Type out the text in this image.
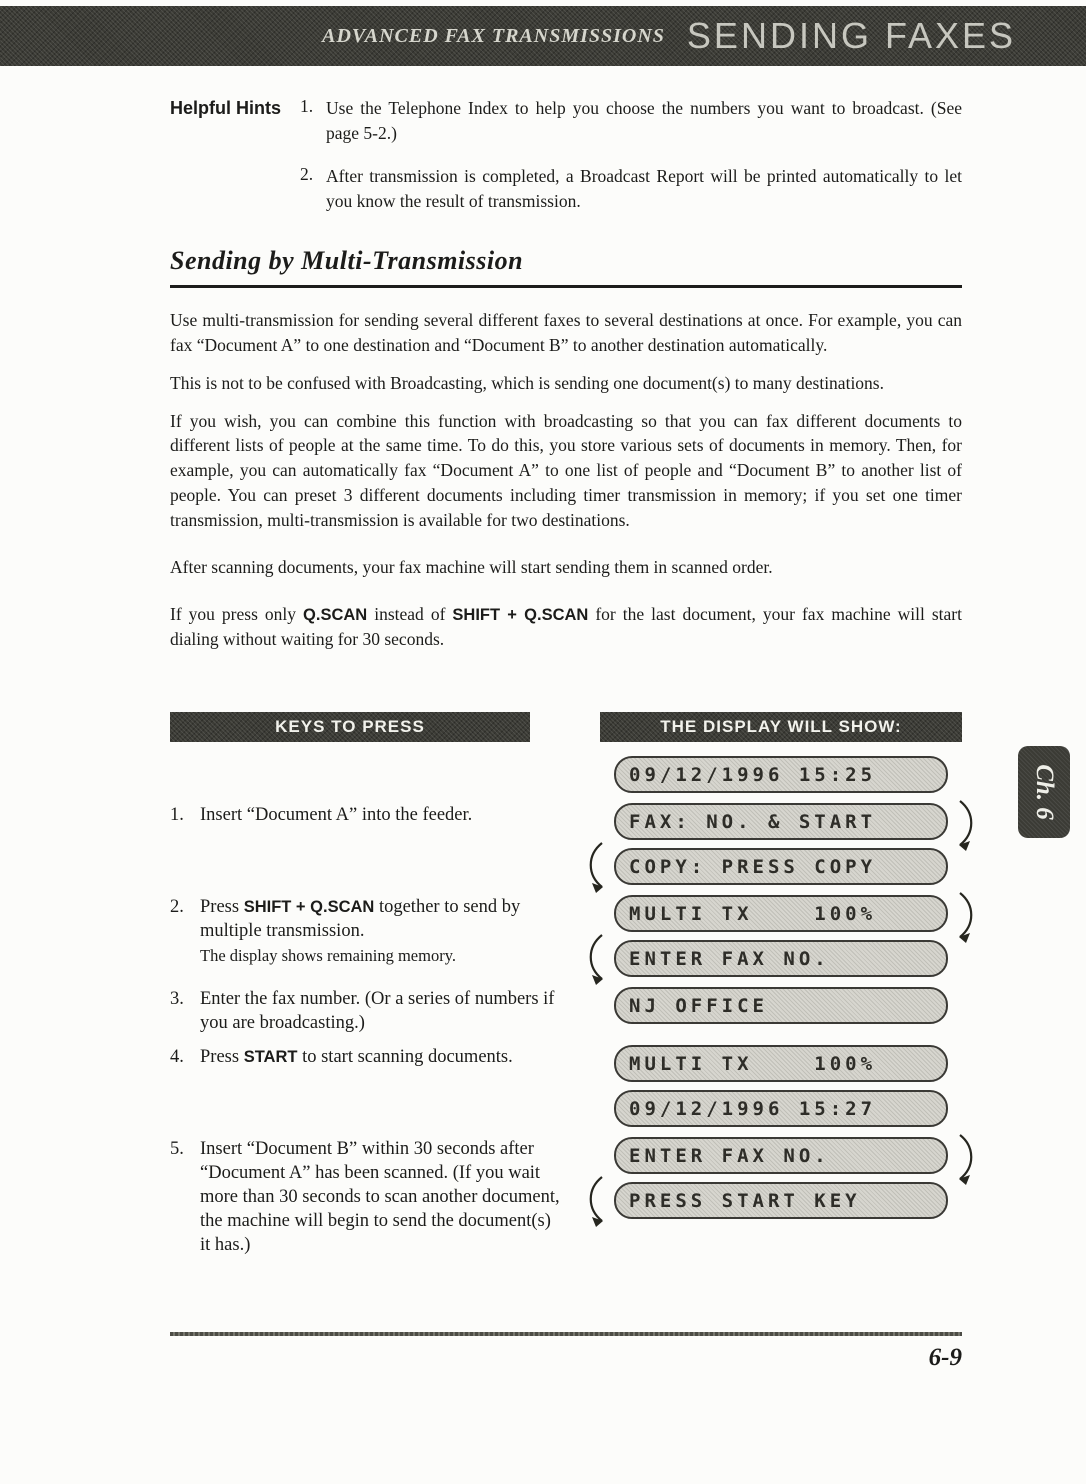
ADVANCED FAX TRANSMISSIONS SENDING FAXES
Helpful Hints	1. Use the Telephone Index to help you choose the numbers you want to broadcast. (See page 5-2.)
2. After transmission is completed, a Broadcast Report will be printed automatically to let you know the result of transmission.
Sending by Multi-Transmission

Use multi-transmission for sending several different faxes to several destinations at once. For example, you can fax “Document A” to one destination and “Document B” to another destination automatically.

This is not to be confused with Broadcasting, which is sending one document(s) to many destinations.

If you wish, you can combine this function with broadcasting so that you can fax different documents to different lists of people at the same time. To do this, you store various sets of documents in memory. Then, for example, you can automatically fax “Document A” to one list of people and “Document B” to another list of people. You can preset 3 different documents including timer transmission in memory; if you set one timer transmission, multi-transmission is available for two destinations.

After scanning documents, your fax machine will start sending them in scanned order.

If you press only Q.SCAN instead of SHIFT + Q.SCAN for the last document, your fax machine will start dialing without waiting for 30 seconds.

KEYS TO PRESS	THE DISPLAY WILL SHOW:
09/12/1996 15:25
1. Insert “Document A” into the feeder.	FAX: NO. & START
COPY: PRESS COPY
2. Press SHIFT + Q.SCAN together to send by multiple transmission.
The display shows remaining memory.
MULTI TX    100%
ENTER FAX NO.
3. Enter the fax number. (Or a series of numbers if you are broadcasting.)
NJ OFFICE
4. Press START to start scanning documents.	MULTI TX    100%
09/12/1996 15:27
5. Insert “Document B” within 30 seconds after “Document A” has been scanned. (If you wait more than 30 seconds to scan another document, the machine will begin to send the document(s) it has.)
ENTER FAX NO.
PRESS START KEY
Ch. 6
6-9
